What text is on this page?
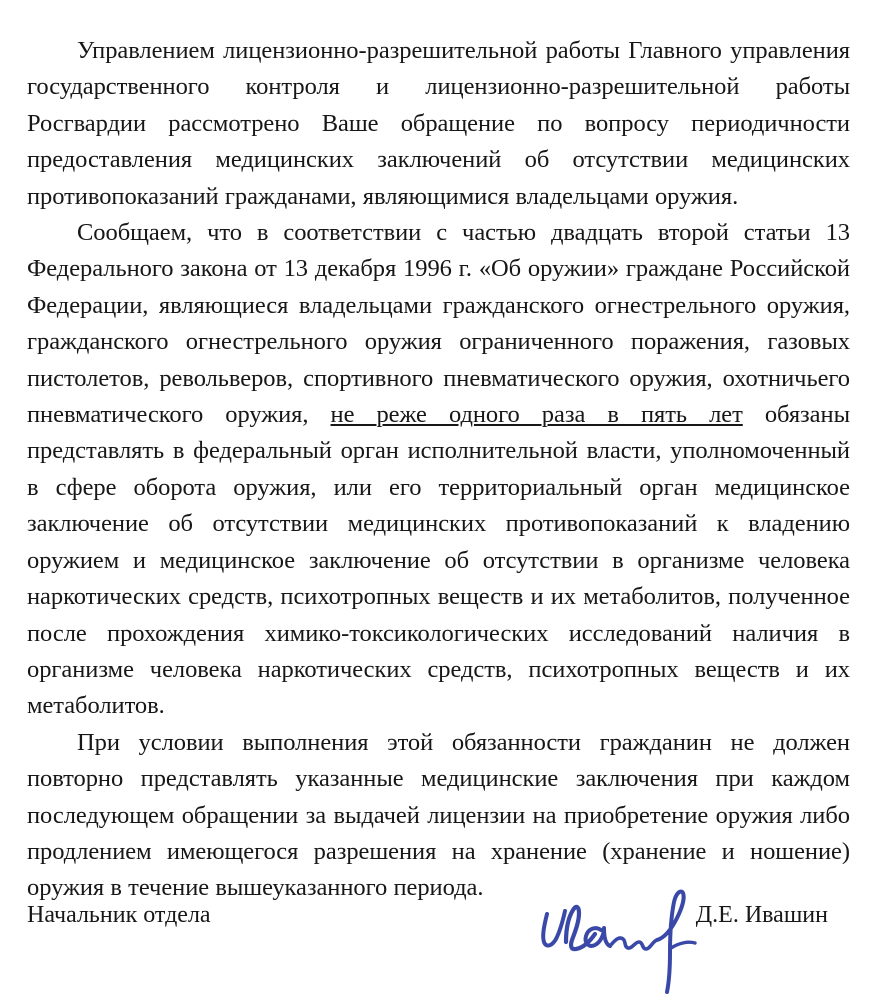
Управлением лицензионно-разрешительной работы Главного управления государственного контроля и лицензионно-разрешительной работы Росгвардии рассмотрено Ваше обращение по вопросу периодичности предоставления медицинских заключений об отсутствии медицинских противопоказаний гражданами, являющимися владельцами оружия.

Сообщаем, что в соответствии с частью двадцать второй статьи 13 Федерального закона от 13 декабря 1996 г. «Об оружии» граждане Российской Федерации, являющиеся владельцами гражданского огнестрельного оружия, гражданского огнестрельного оружия ограниченного поражения, газовых пистолетов, револьверов, спортивного пневматического оружия, охотничьего пневматического оружия, не реже одного раза в пять лет обязаны представлять в федеральный орган исполнительной власти, уполномоченный в сфере оборота оружия, или его территориальный орган медицинское заключение об отсутствии медицинских противопоказаний к владению оружием и медицинское заключение об отсутствии в организме человека наркотических средств, психотропных веществ и их метаболитов, полученное после прохождения химико-токсикологических исследований наличия в организме человека наркотических средств, психотропных веществ и их метаболитов.

При условии выполнения этой обязанности гражданин не должен повторно представлять указанные медицинские заключения при каждом последующем обращении за выдачей лицензии на приобретение оружия либо продлением имеющегося разрешения на хранение (хранение и ношение) оружия в течение вышеуказанного периода.

Начальник отдела	Д.Е. Ивашин
